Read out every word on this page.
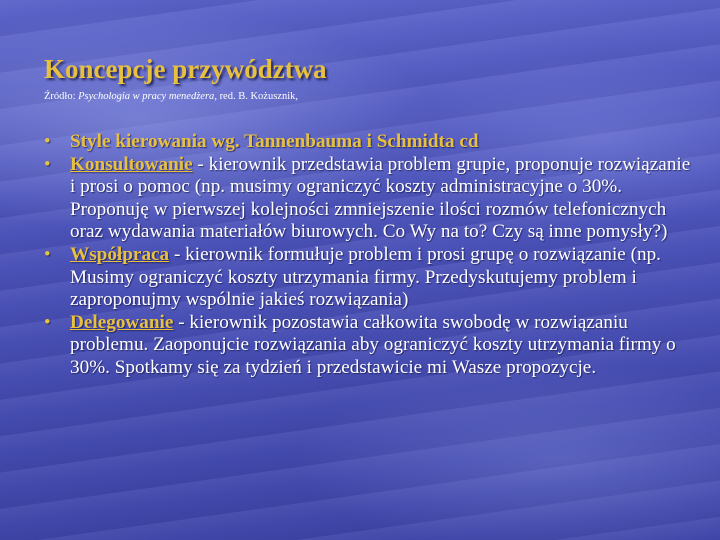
Koncepcje przywództwa
Źródło: Psychologia w pracy menedżera, red. B. Kożusznik,
• Style kierowania wg. Tannenbauma i Schmidta cd
• Konsultowanie - kierownik przedstawia problem grupie, proponuje rozwiązanie i prosi o pomoc (np. musimy ograniczyć koszty administracyjne o 30%. Proponuję w pierwszej kolejności zmniejszenie ilości rozmów telefonicznych oraz wydawania materiałów biurowych. Co Wy na to? Czy są inne pomysły?)
• Współpraca - kierownik formułuje problem i prosi grupę o rozwiązanie (np. Musimy ograniczyć koszty utrzymania firmy. Przedyskutujemy problem i zaproponujmy wspólnie jakieś rozwiązania)
• Delegowanie - kierownik pozostawia całkowita swobodę w rozwiązaniu problemu. Zaoponujcie rozwiązania aby ograniczyć koszty utrzymania firmy o 30%. Spotkamy się za tydzień i przedstawicie mi Wasze propozycje.
